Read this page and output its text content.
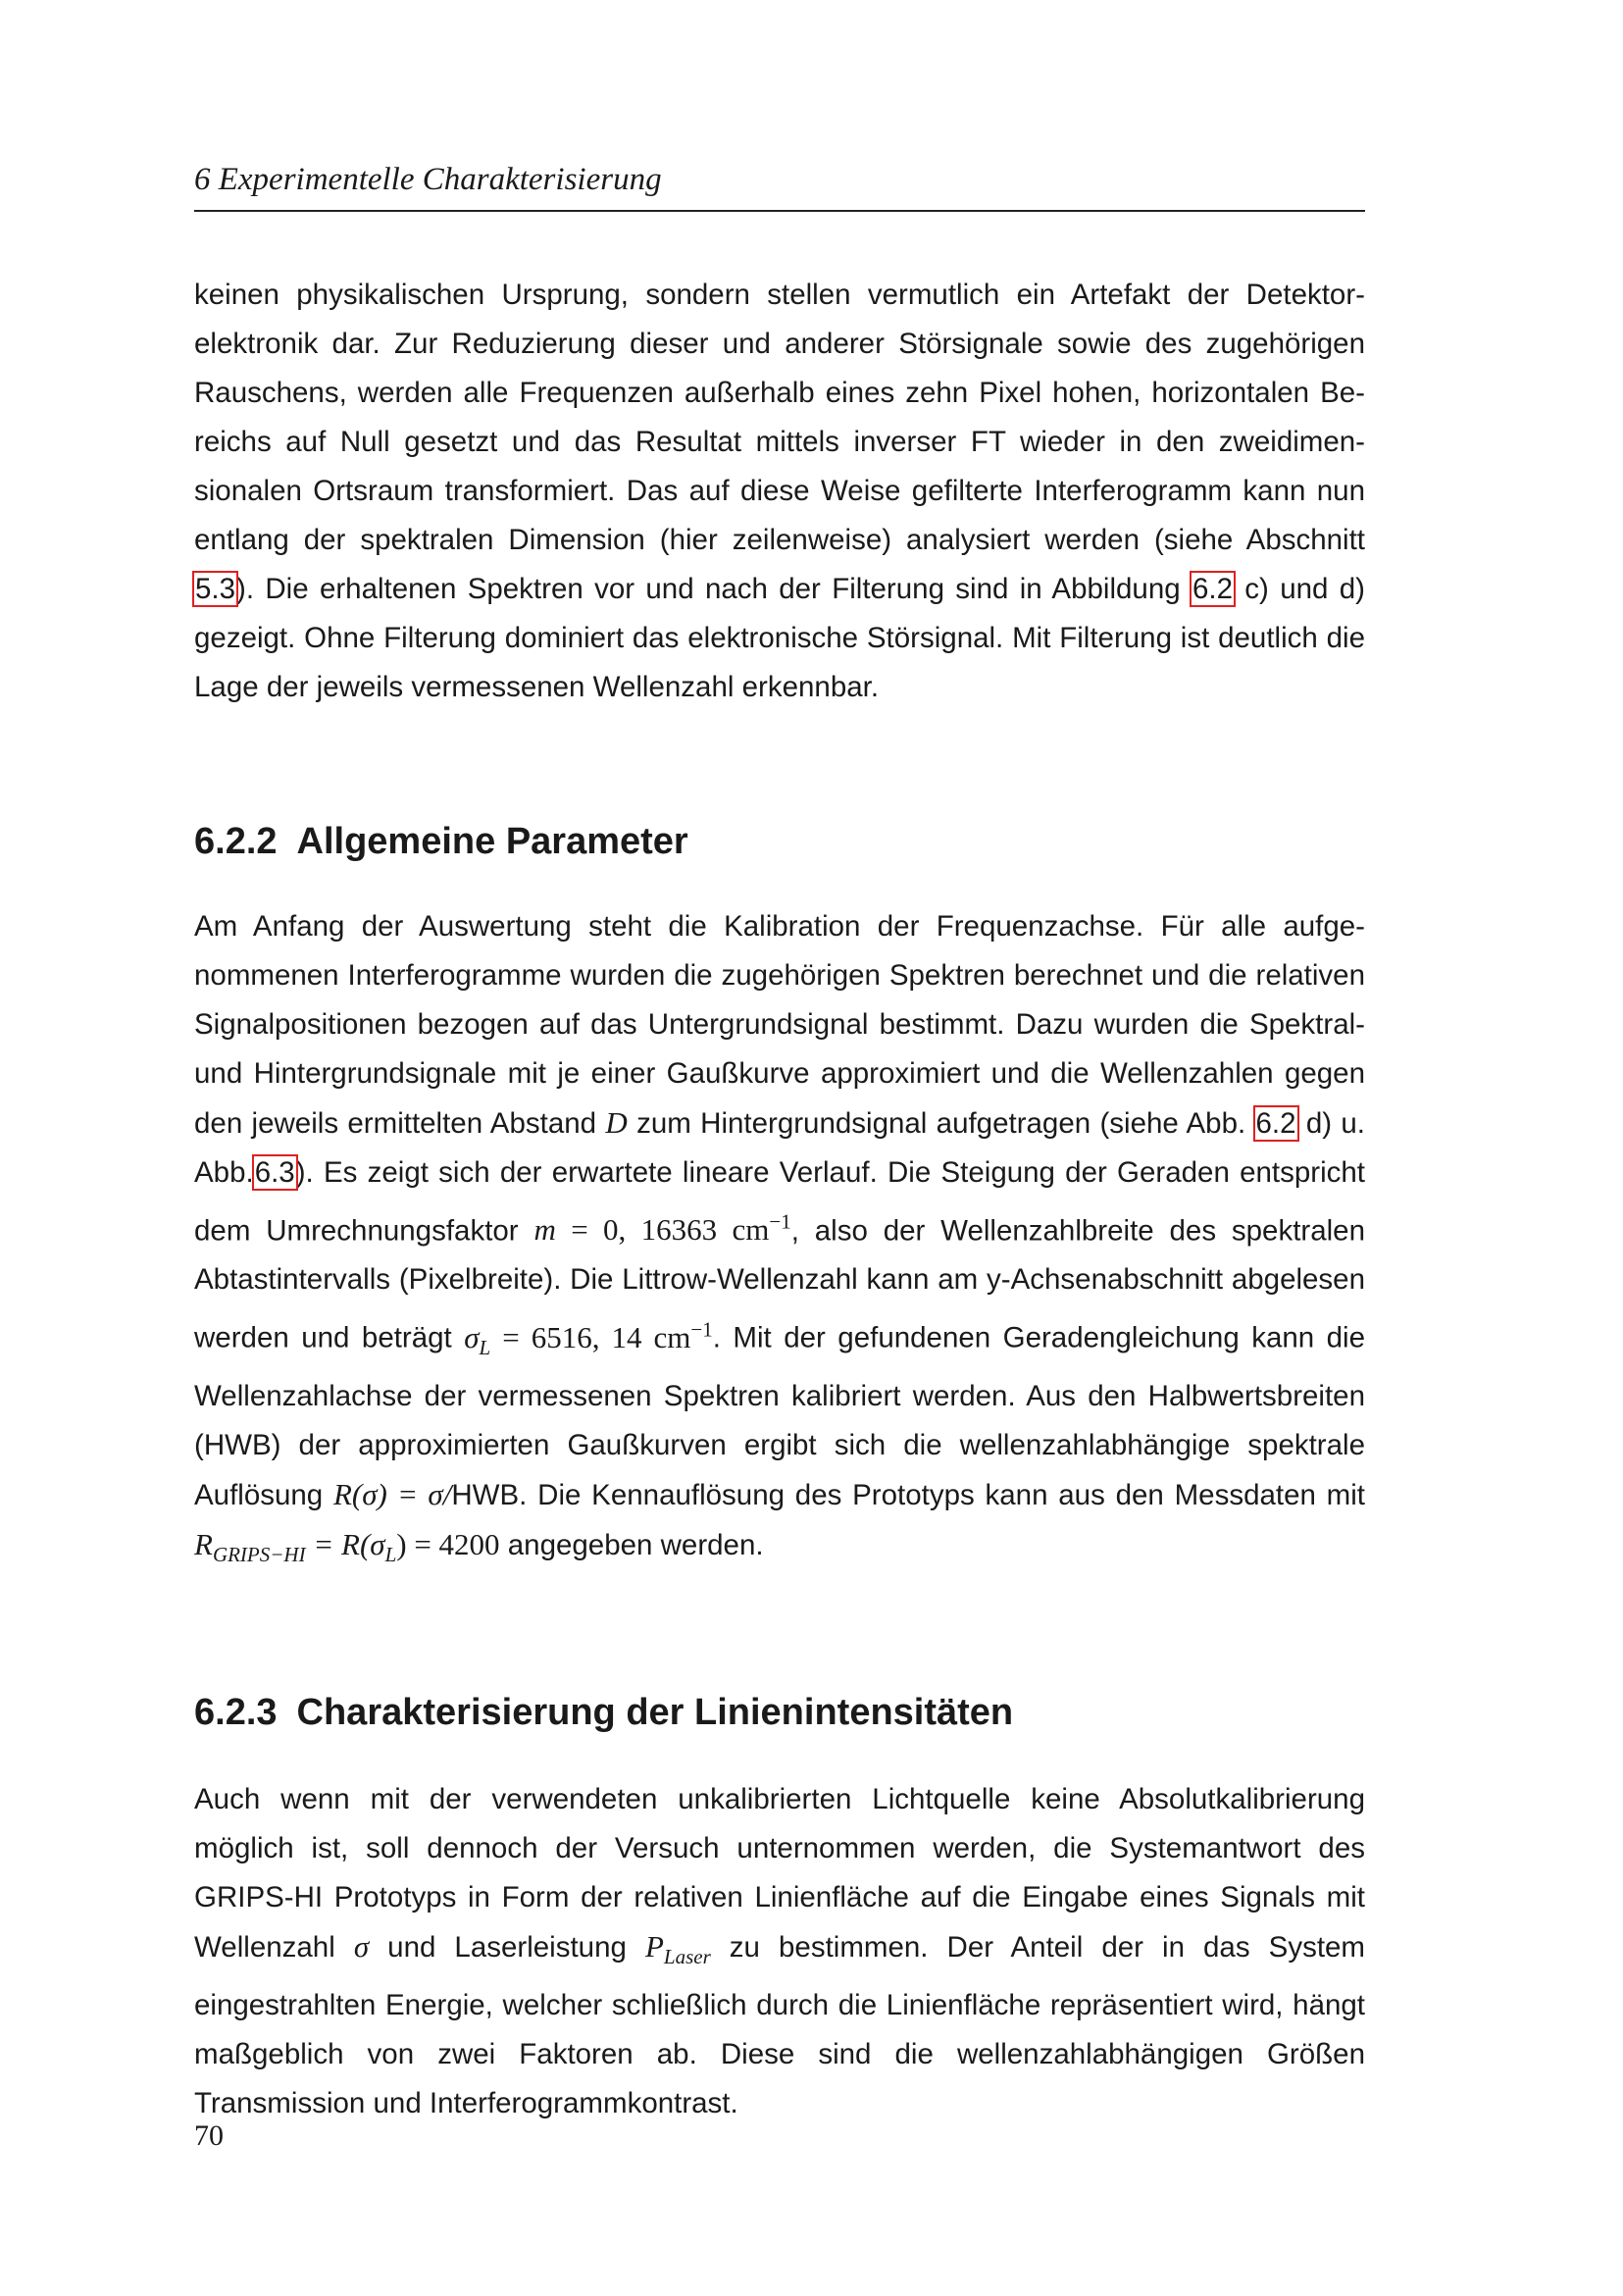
6 Experimentelle Charakterisierung
keinen physikalischen Ursprung, sondern stellen vermutlich ein Artefakt der Detektorelektronik dar. Zur Reduzierung dieser und anderer Störsignale sowie des zugehörigen Rauschens, werden alle Frequenzen außerhalb eines zehn Pixel hohen, horizontalen Bereichs auf Null gesetzt und das Resultat mittels inverser FT wieder in den zweidimensionalen Ortsraum transformiert. Das auf diese Weise gefilterte Interferogramm kann nun entlang der spektralen Dimension (hier zeilenweise) analysiert werden (siehe Abschnitt 5.3). Die erhaltenen Spektren vor und nach der Filterung sind in Abbildung 6.2 c) und d) gezeigt. Ohne Filterung dominiert das elektronische Störsignal. Mit Filterung ist deutlich die Lage der jeweils vermessenen Wellenzahl erkennbar.
6.2.2 Allgemeine Parameter
Am Anfang der Auswertung steht die Kalibration der Frequenzachse. Für alle aufgenommenen Interferogramme wurden die zugehörigen Spektren berechnet und die relativen Signalpositionen bezogen auf das Untergrundsignal bestimmt. Dazu wurden die Spektral- und Hintergrundsignale mit je einer Gaußkurve approximiert und die Wellenzahlen gegen den jeweils ermittelten Abstand D zum Hintergrundsignal aufgetragen (siehe Abb. 6.2 d) u. Abb.6.3). Es zeigt sich der erwartete lineare Verlauf. Die Steigung der Geraden entspricht dem Umrechnungsfaktor m = 0, 16363 $cm^{-1}$, also der Wellenzahlbreite des spektralen Abtastintervalls (Pixelbreite). Die Littrow-Wellenzahl kann am y-Achsenabschnitt abgelesen werden und beträgt $\sigma_L = 6516$, 14 $cm^{-1}$. Mit der gefundenen Geradengleichung kann die Wellenzahlachse der vermessenen Spektren kalibriert werden. Aus den Halbwertsbreiten (HWB) der approximierten Gaußkurven ergibt sich die wellenzahlabhängige spektrale Auflösung R(σ) = σ/HWB. Die Kennauflösung des Prototyps kann aus den Messdaten mit $R_{GRIPS-HI} = R(\sigma_L) = 4200$ angegeben werden.
6.2.3 Charakterisierung der Linienintensitäten
Auch wenn mit der verwendeten unkalibrierten Lichtquelle keine Absolutkalibrierung möglich ist, soll dennoch der Versuch unternommen werden, die Systemantwort des GRIPS-HI Prototyps in Form der relativen Linienfläche auf die Eingabe eines Signals mit Wellenzahl σ und Laserleistung $P_{Laser}$ zu bestimmen. Der Anteil der in das System eingestrahlten Energie, welcher schließlich durch die Linienfläche repräsentiert wird, hängt maßgeblich von zwei Faktoren ab. Diese sind die wellenzahlabhängigen Größen Transmission und Interferogrammkontrast.
70
